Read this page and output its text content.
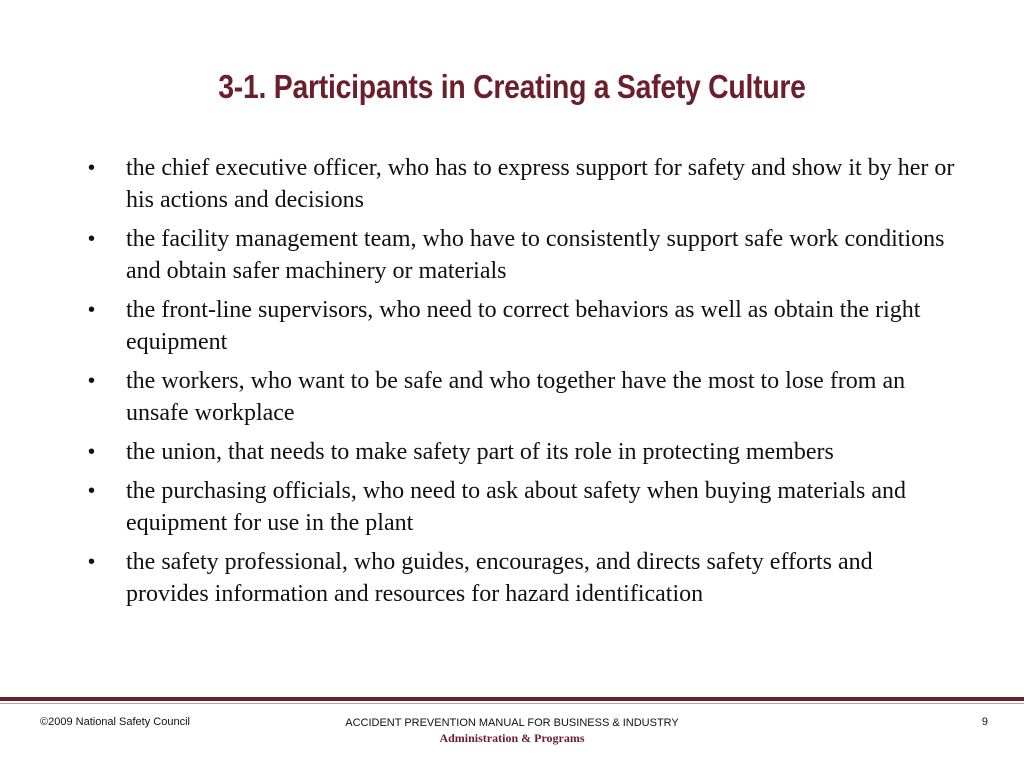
3-1. Participants in Creating a Safety Culture
• the chief executive officer, who has to express support for safety and show it by her or his actions and decisions
• the facility management team, who have to consistently support safe work conditions and obtain safer machinery or materials
• the front-line supervisors, who need to correct behaviors as well as obtain the right equipment
• the workers, who want to be safe and who together have the most to lose from an unsafe workplace
• the union, that needs to make safety part of its role in protecting members
• the purchasing officials, who need to ask about safety when buying materials and equipment for use in the plant
• the safety professional, who guides, encourages, and directs safety efforts and provides information and resources for hazard identification
©2009 National Safety Council	ACCIDENT PREVENTION MANUAL FOR BUSINESS & INDUSTRY
Administration & Programs
9
